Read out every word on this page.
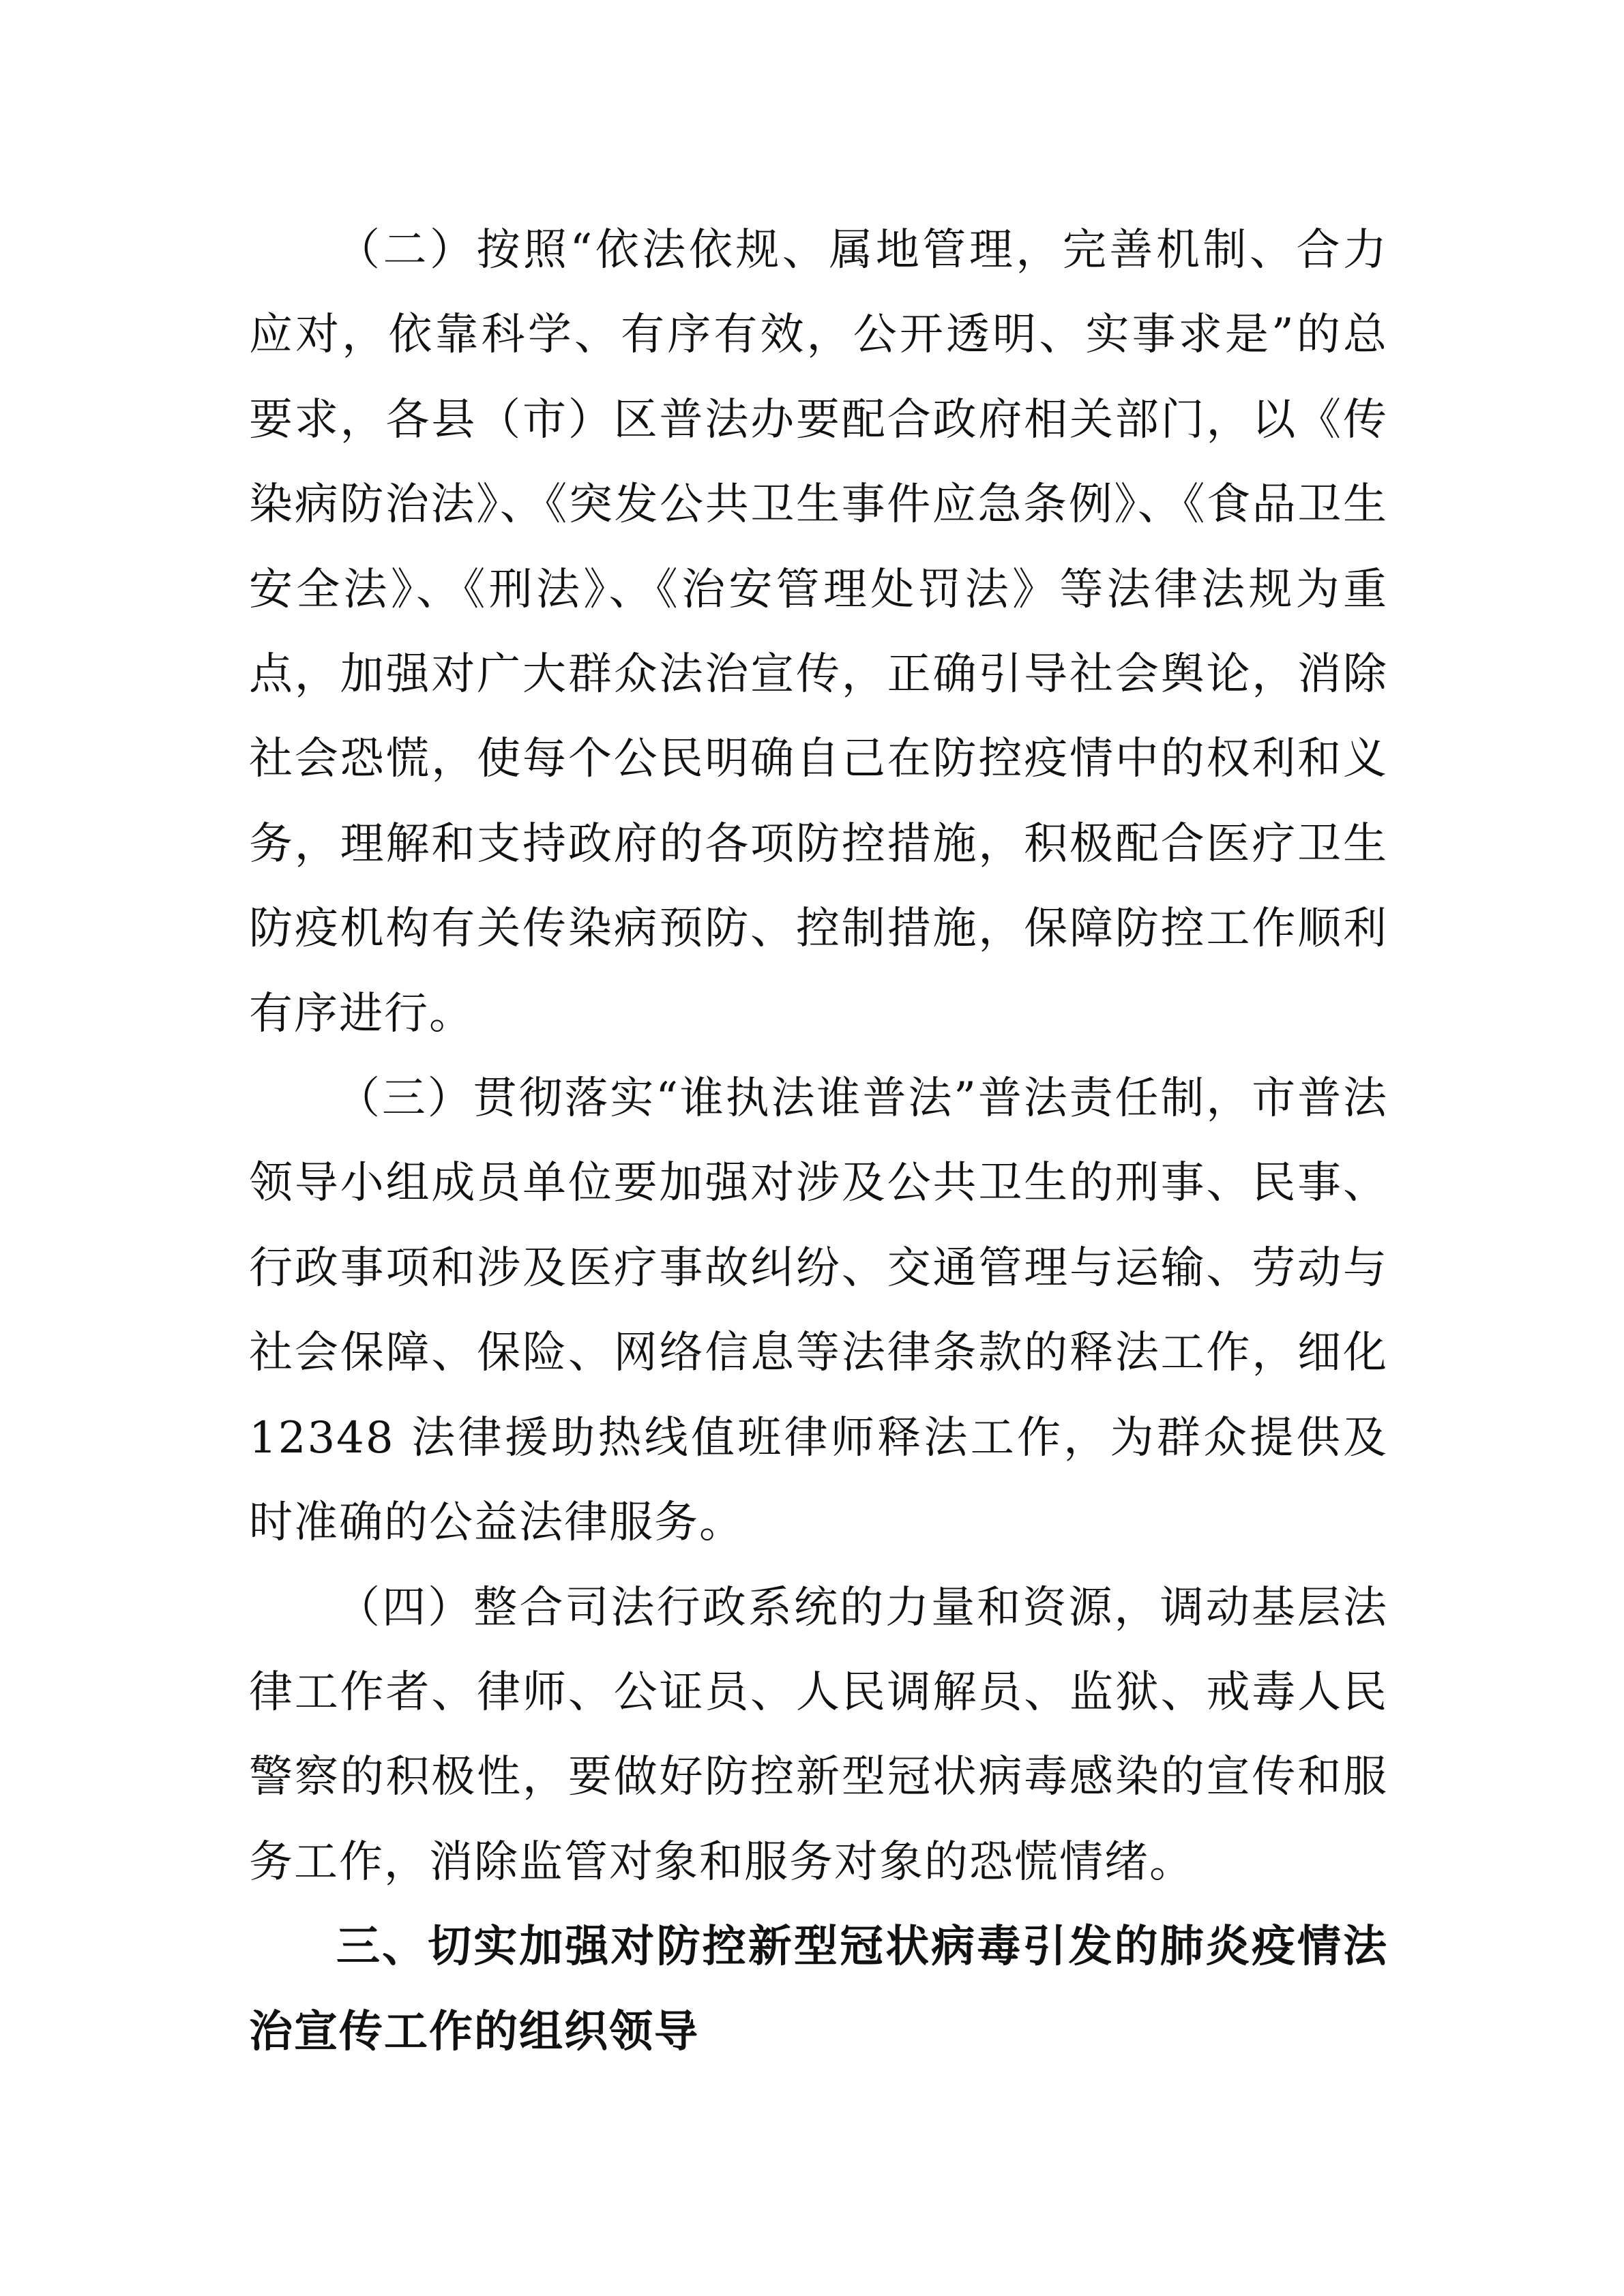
（二）按照“依法依规、属地管理，完善机制、合力应对，依靠科学、有序有效，公开透明、实事求是”的总要求，各县（市）区普法办要配合政府相关部门，以《传染病防治法》、《突发公共卫生事件应急条例》、《食品卫生安全法》、《刑法》、《治安管理处罚法》等法律法规为重点，加强对广大群众法治宣传，正确引导社会舆论，消除社会恐慌，使每个公民明确自己在防控疫情中的权利和义务，理解和支持政府的各项防控措施，积极配合医疗卫生防疫机构有关传染病预防、控制措施，保障防控工作顺利有序进行。

（三）贯彻落实“谁执法谁普法”普法责任制，市普法领导小组成员单位要加强对涉及公共卫生的刑事、民事、行政事项和涉及医疗事故纠纷、交通管理与运输、劳动与社会保障、保险、网络信息等法律条款的释法工作，细化 12348 法律援助热线值班律师释法工作，为群众提供及时准确的公益法律服务。

（四）整合司法行政系统的力量和资源，调动基层法律工作者、律师、公证员、人民调解员、监狱、戒毒人民警察的积极性，要做好防控新型冠状病毒感染的宣传和服务工作，消除监管对象和服务对象的恐慌情绪。

三、切实加强对防控新型冠状病毒引发的肺炎疫情法治宣传工作的组织领导
